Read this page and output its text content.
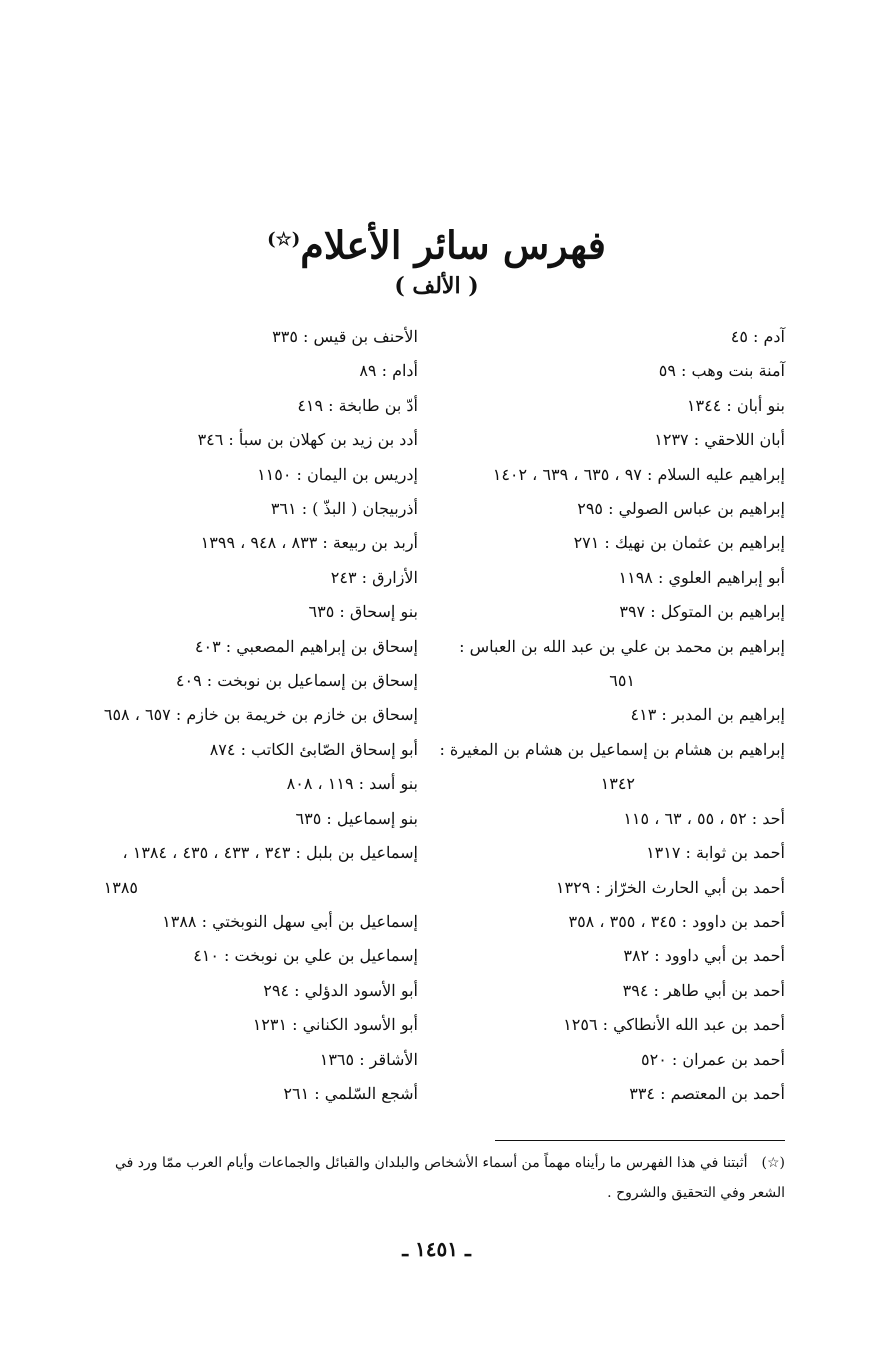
فهرس سائر الأعلام(☆)
( الألف )
آدم : ٤٥
آمنة بنت وهب : ٥٩
بنو أبان : ١٣٤٤
أبان اللاحقي : ١٢٣٧
إبراهيم عليه السلام : ٩٧ ، ٦٣٥ ، ٦٣٩ ، ١٤٠٢
إبراهيم بن عباس الصولي : ٢٩٥
إبراهيم بن عثمان بن نهيك : ٢٧١
أبو إبراهيم العلوي : ١١٩٨
إبراهيم بن المتوكل : ٣٩٧
إبراهيم بن محمد بن علي بن عبد الله بن العباس :
٦٥١
إبراهيم بن المدبر : ٤١٣
إبراهيم بن هشام بن إسماعيل بن هشام بن المغيرة :
١٣٤٢
أحد : ٥٢ ، ٥٥ ، ٦٣ ، ١١٥
أحمد بن ثوابة : ١٣١٧
أحمد بن أبي الحارث الخرّاز : ١٣٢٩
أحمد بن داوود : ٣٤٥ ، ٣٥٥ ، ٣٥٨
أحمد بن أبي داوود : ٣٨٢
أحمد بن أبي طاهر : ٣٩٤
أحمد بن عبد الله الأنطاكي : ١٢٥٦
أحمد بن عمران : ٥٢٠
أحمد بن المعتصم : ٣٣٤
الأحنف بن قيس : ٣٣٥
أدام : ٨٩
أدّ بن طابخة : ٤١٩
أدد بن زيد بن كهلان بن سبأ : ٣٤٦
إدريس بن اليمان : ١١٥٠
أذربيجان ( البذّ ) : ٣٦١
أربد بن ربيعة : ٨٣٣ ، ٩٤٨ ، ١٣٩٩
الأزارق : ٢٤٣
بنو إسحاق : ٦٣٥
إسحاق بن إبراهيم المصعبي : ٤٠٣
إسحاق بن إسماعيل بن نوبخت : ٤٠٩
إسحاق بن خازم بن خريمة بن خازم : ٦٥٧ ، ٦٥٨
أبو إسحاق الصّابئ الكاتب : ٨٧٤
بنو أسد : ١١٩ ، ٨٠٨
بنو إسماعيل : ٦٣٥
إسماعيل بن بلبل : ٣٤٣ ، ٤٣٣ ، ٤٣٥ ، ١٣٨٤ ،
١٣٨٥
إسماعيل بن أبي سهل النوبختي : ١٣٨٨
إسماعيل بن علي بن نوبخت : ٤١٠
أبو الأسود الدؤلي : ٢٩٤
أبو الأسود الكناني : ١٢٣١
الأشاقر : ١٣٦٥
أشجع السّلمي : ٢٦١
(☆)أثبتنا في هذا الفهرس ما رأيناه مهماً من أسماء الأشخاص والبلدان والقبائل والجماعات وأيام العرب ممّا ورد في الشعر وفي التحقيق والشروح .
ـ ١٤٥١ ـ
